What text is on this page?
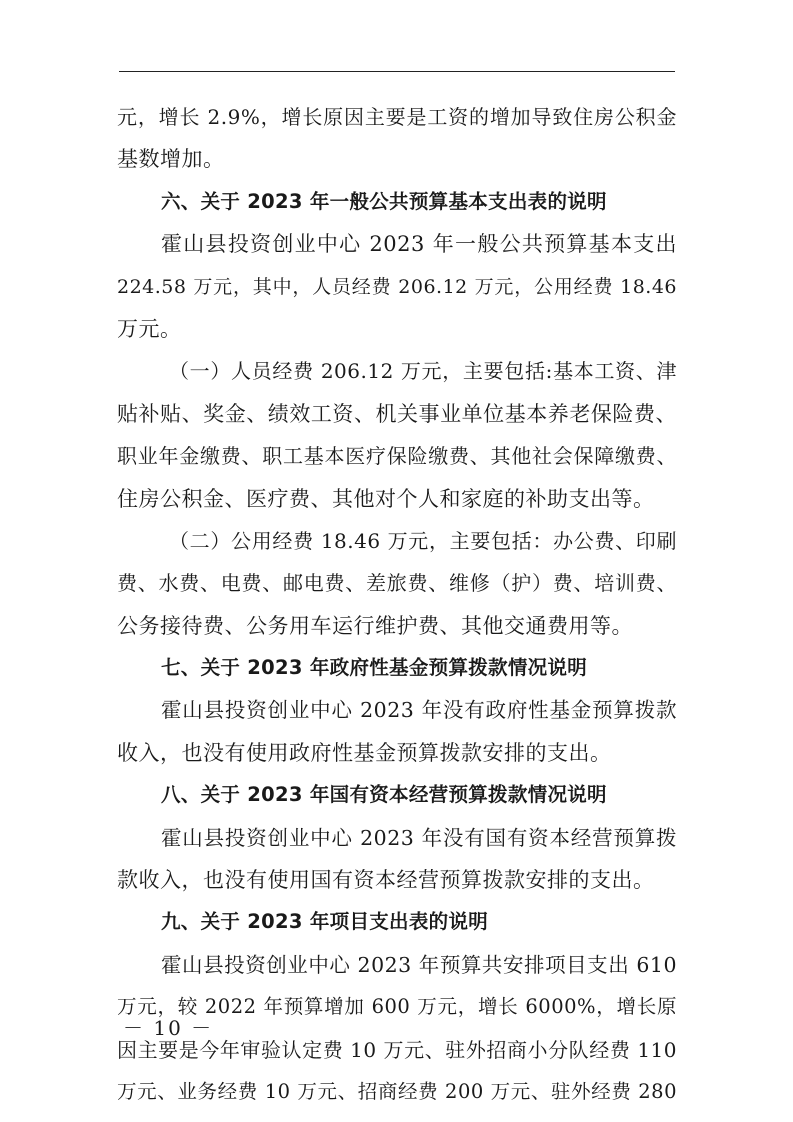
元，增长 2.9%，增长原因主要是工资的增加导致住房公积金
基数增加。
六、关于 2023 年一般公共预算基本支出表的说明
霍山县投资创业中心 2023 年一般公共预算基本支出
224.58 万元，其中，人员经费 206.12 万元，公用经费 18.46
万元。
（一）人员经费 206.12 万元，主要包括:基本工资、津
贴补贴、奖金、绩效工资、机关事业单位基本养老保险费、
职业年金缴费、职工基本医疗保险缴费、其他社会保障缴费、
住房公积金、医疗费、其他对个人和家庭的补助支出等。
（二）公用经费 18.46 万元，主要包括：办公费、印刷
费、水费、电费、邮电费、差旅费、维修（护）费、培训费、
公务接待费、公务用车运行维护费、其他交通费用等。
七、关于 2023 年政府性基金预算拨款情况说明
霍山县投资创业中心 2023 年没有政府性基金预算拨款
收入，也没有使用政府性基金预算拨款安排的支出。
八、关于 2023 年国有资本经营预算拨款情况说明
霍山县投资创业中心 2023 年没有国有资本经营预算拨
款收入，也没有使用国有资本经营预算拨款安排的支出。
九、关于 2023 年项目支出表的说明
霍山县投资创业中心 2023 年预算共安排项目支出 610
万元，较 2022 年预算增加 600 万元，增长 6000%，增长原
因主要是今年审验认定费 10 万元、驻外招商小分队经费 110
万元、业务经费 10 万元、招商经费 200 万元、驻外经费 280
－ 10 －
